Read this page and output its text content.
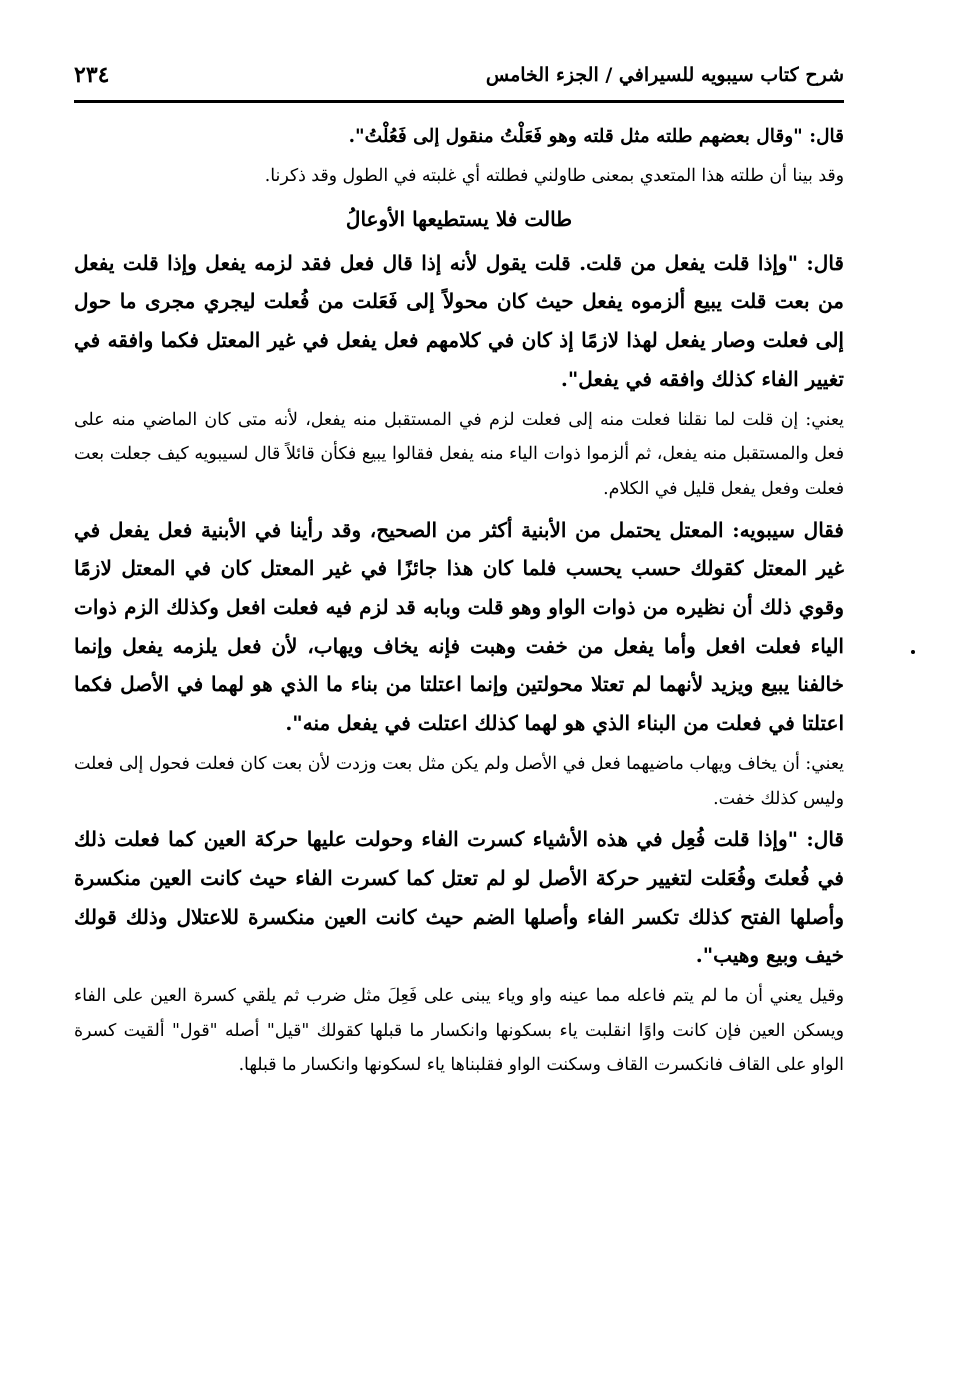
شرح كتاب سيبويه للسيرافي / الجزء الخامس
٢٣٤

قال: "وقال بعضهم طلته مثل قلته وهو فَعَلْتُ منقول إلى فَعُلْتُ".

وقد بينا أن طلته هذا المتعدي بمعنى طاولني فطلته أي غلبته في الطول وقد ذكرنا.

طالت فلا يستطيعها الأوعالُ

قال: "وإذا قلت يفعل من قلت. قلت يقول لأنه إذا قال فعل فقد لزمه يفعل وإذا قلت يفعل من بعت قلت يبيع ألزموه يفعل حيث كان محولاً إلى فَعَلت من فُعلت ليجري مجرى ما حول إلى فعلت وصار يفعل لهذا لازمًا إذ كان في كلامهم فعل يفعل في غير المعتل فكما وافقه في تغيير الفاء كذلك وافقه في يفعل".

يعني: إن قلت لما نقلنا فعلت منه إلى فعلت لزم في المستقبل منه يفعل، لأنه متى كان الماضي منه على فعل والمستقبل منه يفعل، ثم ألزموا ذوات الياء منه يفعل فقالوا يبيع فكأن قائلاً قال لسيبويه كيف جعلت بعت فعلت وفعل يفعل قليل في الكلام.

فقال سيبويه: المعتل يحتمل من الأبنية أكثر من الصحيح، وقد رأينا في الأبنية فعل يفعل في غير المعتل كقولك حسب يحسب فلما كان هذا جائزًا في غير المعتل كان في المعتل لازمًا وقوي ذلك أن نظيره من ذوات الواو وهو قلت وبابه قد لزم فيه فعلت افعل وكذلك الزم ذوات الياء فعلت افعل وأما يفعل من خفت وهبت فإنه يخاف ويهاب، لأن فعل يلزمه يفعل وإنما خالفنا يبيع ويزيد لأنهما لم تعتلا محولتين وإنما اعتلتا من بناء ما الذي هو لهما في الأصل فكما اعتلتا في فعلت من البناء الذي هو لهما كذلك اعتلت في يفعل منه".

يعني: أن يخاف ويهاب ماضيهما فعل في الأصل ولم يكن مثل بعت وزدت لأن بعت كان فعلت فحول إلى فعلت وليس كذلك خفت.

قال: "وإذا قلت فُعِل في هذه الأشياء كسرت الفاء وحولت عليها حركة العين كما فعلت ذلك في فُعلتَ وفُعَلت لتغيير حركة الأصل لو لم تعتل كما كسرت الفاء حيث كانت العين منكسرة وأصلها الفتح كذلك تكسر الفاء وأصلها الضم حيث كانت العين منكسرة للاعتلال وذلك قولك خيف وبيع وهيب".

وقيل يعني أن ما لم يتم فاعله مما عينه واو وياء يبنى على فَعِلَ مثل ضرب ثم يلقي كسرة العين على الفاء ويسكن العين فإن كانت واوًا انقلبت ياء بسكونها وانكسار ما قبلها كقولك "قيل" أصله "قول" ألقيت كسرة الواو على القاف فانكسرت القاف وسكنت الواو فقلبناها ياء لسكونها وانكسار ما قبلها.
